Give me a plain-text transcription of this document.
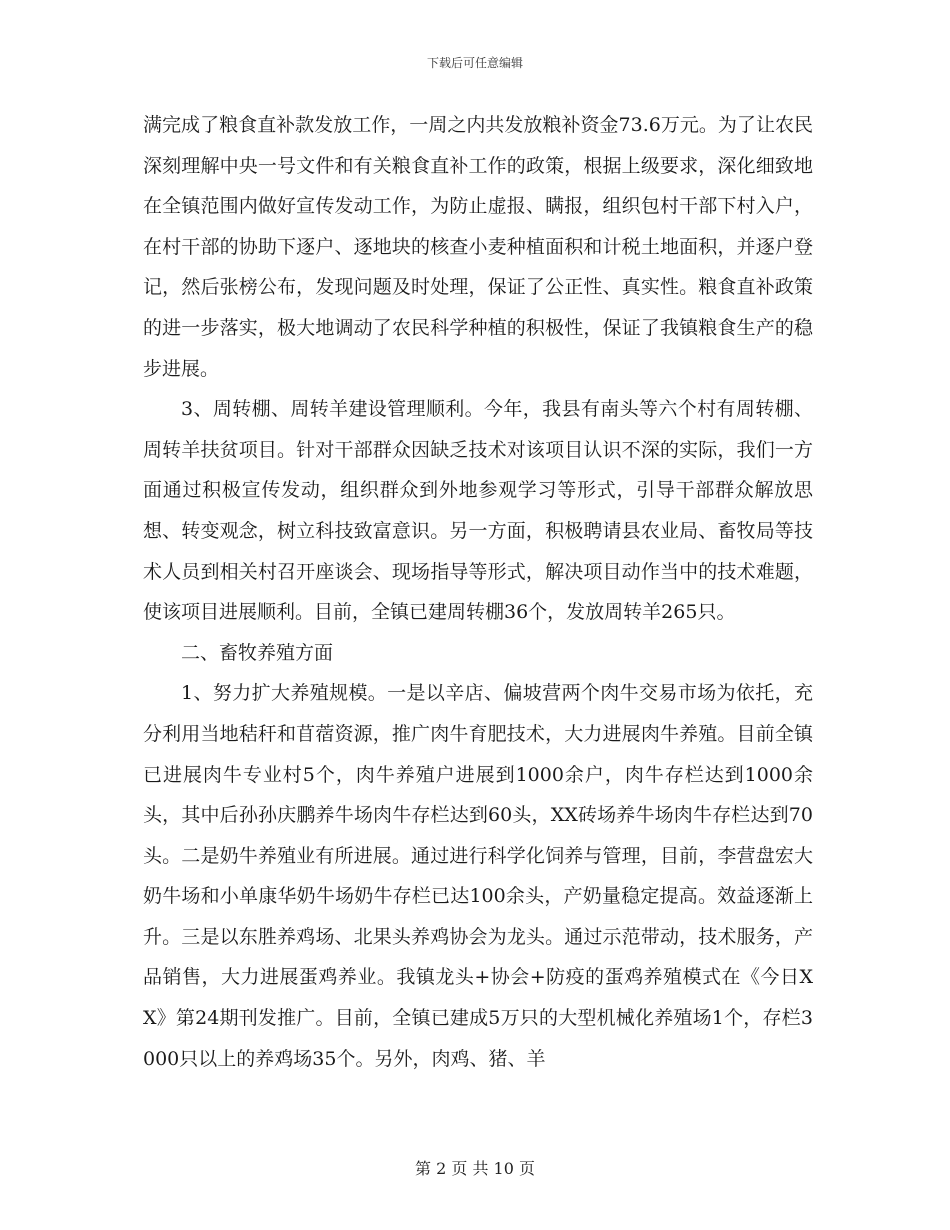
下载后可任意编辑

满完成了粮食直补款发放工作，一周之内共发放粮补资金73.6万元。为了让农民深刻理解中央一号文件和有关粮食直补工作的政策，根据上级要求，深化细致地在全镇范围内做好宣传发动工作，为防止虚报、瞒报，组织包村干部下村入户，在村干部的协助下逐户、逐地块的核查小麦种植面积和计税土地面积，并逐户登记，然后张榜公布，发现问题及时处理，保证了公正性、真实性。粮食直补政策的进一步落实，极大地调动了农民科学种植的积极性，保证了我镇粮食生产的稳步进展。

3、周转棚、周转羊建设管理顺利。今年，我县有南头等六个村有周转棚、周转羊扶贫项目。针对干部群众因缺乏技术对该项目认识不深的实际，我们一方面通过积极宣传发动，组织群众到外地参观学习等形式，引导干部群众解放思想、转变观念，树立科技致富意识。另一方面，积极聘请县农业局、畜牧局等技术人员到相关村召开座谈会、现场指导等形式，解决项目动作当中的技术难题，使该项目进展顺利。目前，全镇已建周转棚36个，发放周转羊265只。

二、畜牧养殖方面

1、努力扩大养殖规模。一是以辛店、偏坡营两个肉牛交易市场为依托，充分利用当地秸秆和苜蓿资源，推广肉牛育肥技术，大力进展肉牛养殖。目前全镇已进展肉牛专业村5个，肉牛养殖户进展到1000余户，肉牛存栏达到1000余头，其中后孙孙庆鹏养牛场肉牛存栏达到60头，XX砖场养牛场肉牛存栏达到70头。二是奶牛养殖业有所进展。通过进行科学化饲养与管理，目前，李营盘宏大奶牛场和小单康华奶牛场奶牛存栏已达100余头，产奶量稳定提高。效益逐渐上升。三是以东胜养鸡场、北果头养鸡协会为龙头。通过示范带动，技术服务，产品销售，大力进展蛋鸡养业。我镇龙头+协会+防疫的蛋鸡养殖模式在《今日XX》第24期刊发推广。目前，全镇已建成5万只的大型机械化养殖场1个，存栏3000只以上的养鸡场35个。另外，肉鸡、猪、羊

第 2 页 共 10 页
